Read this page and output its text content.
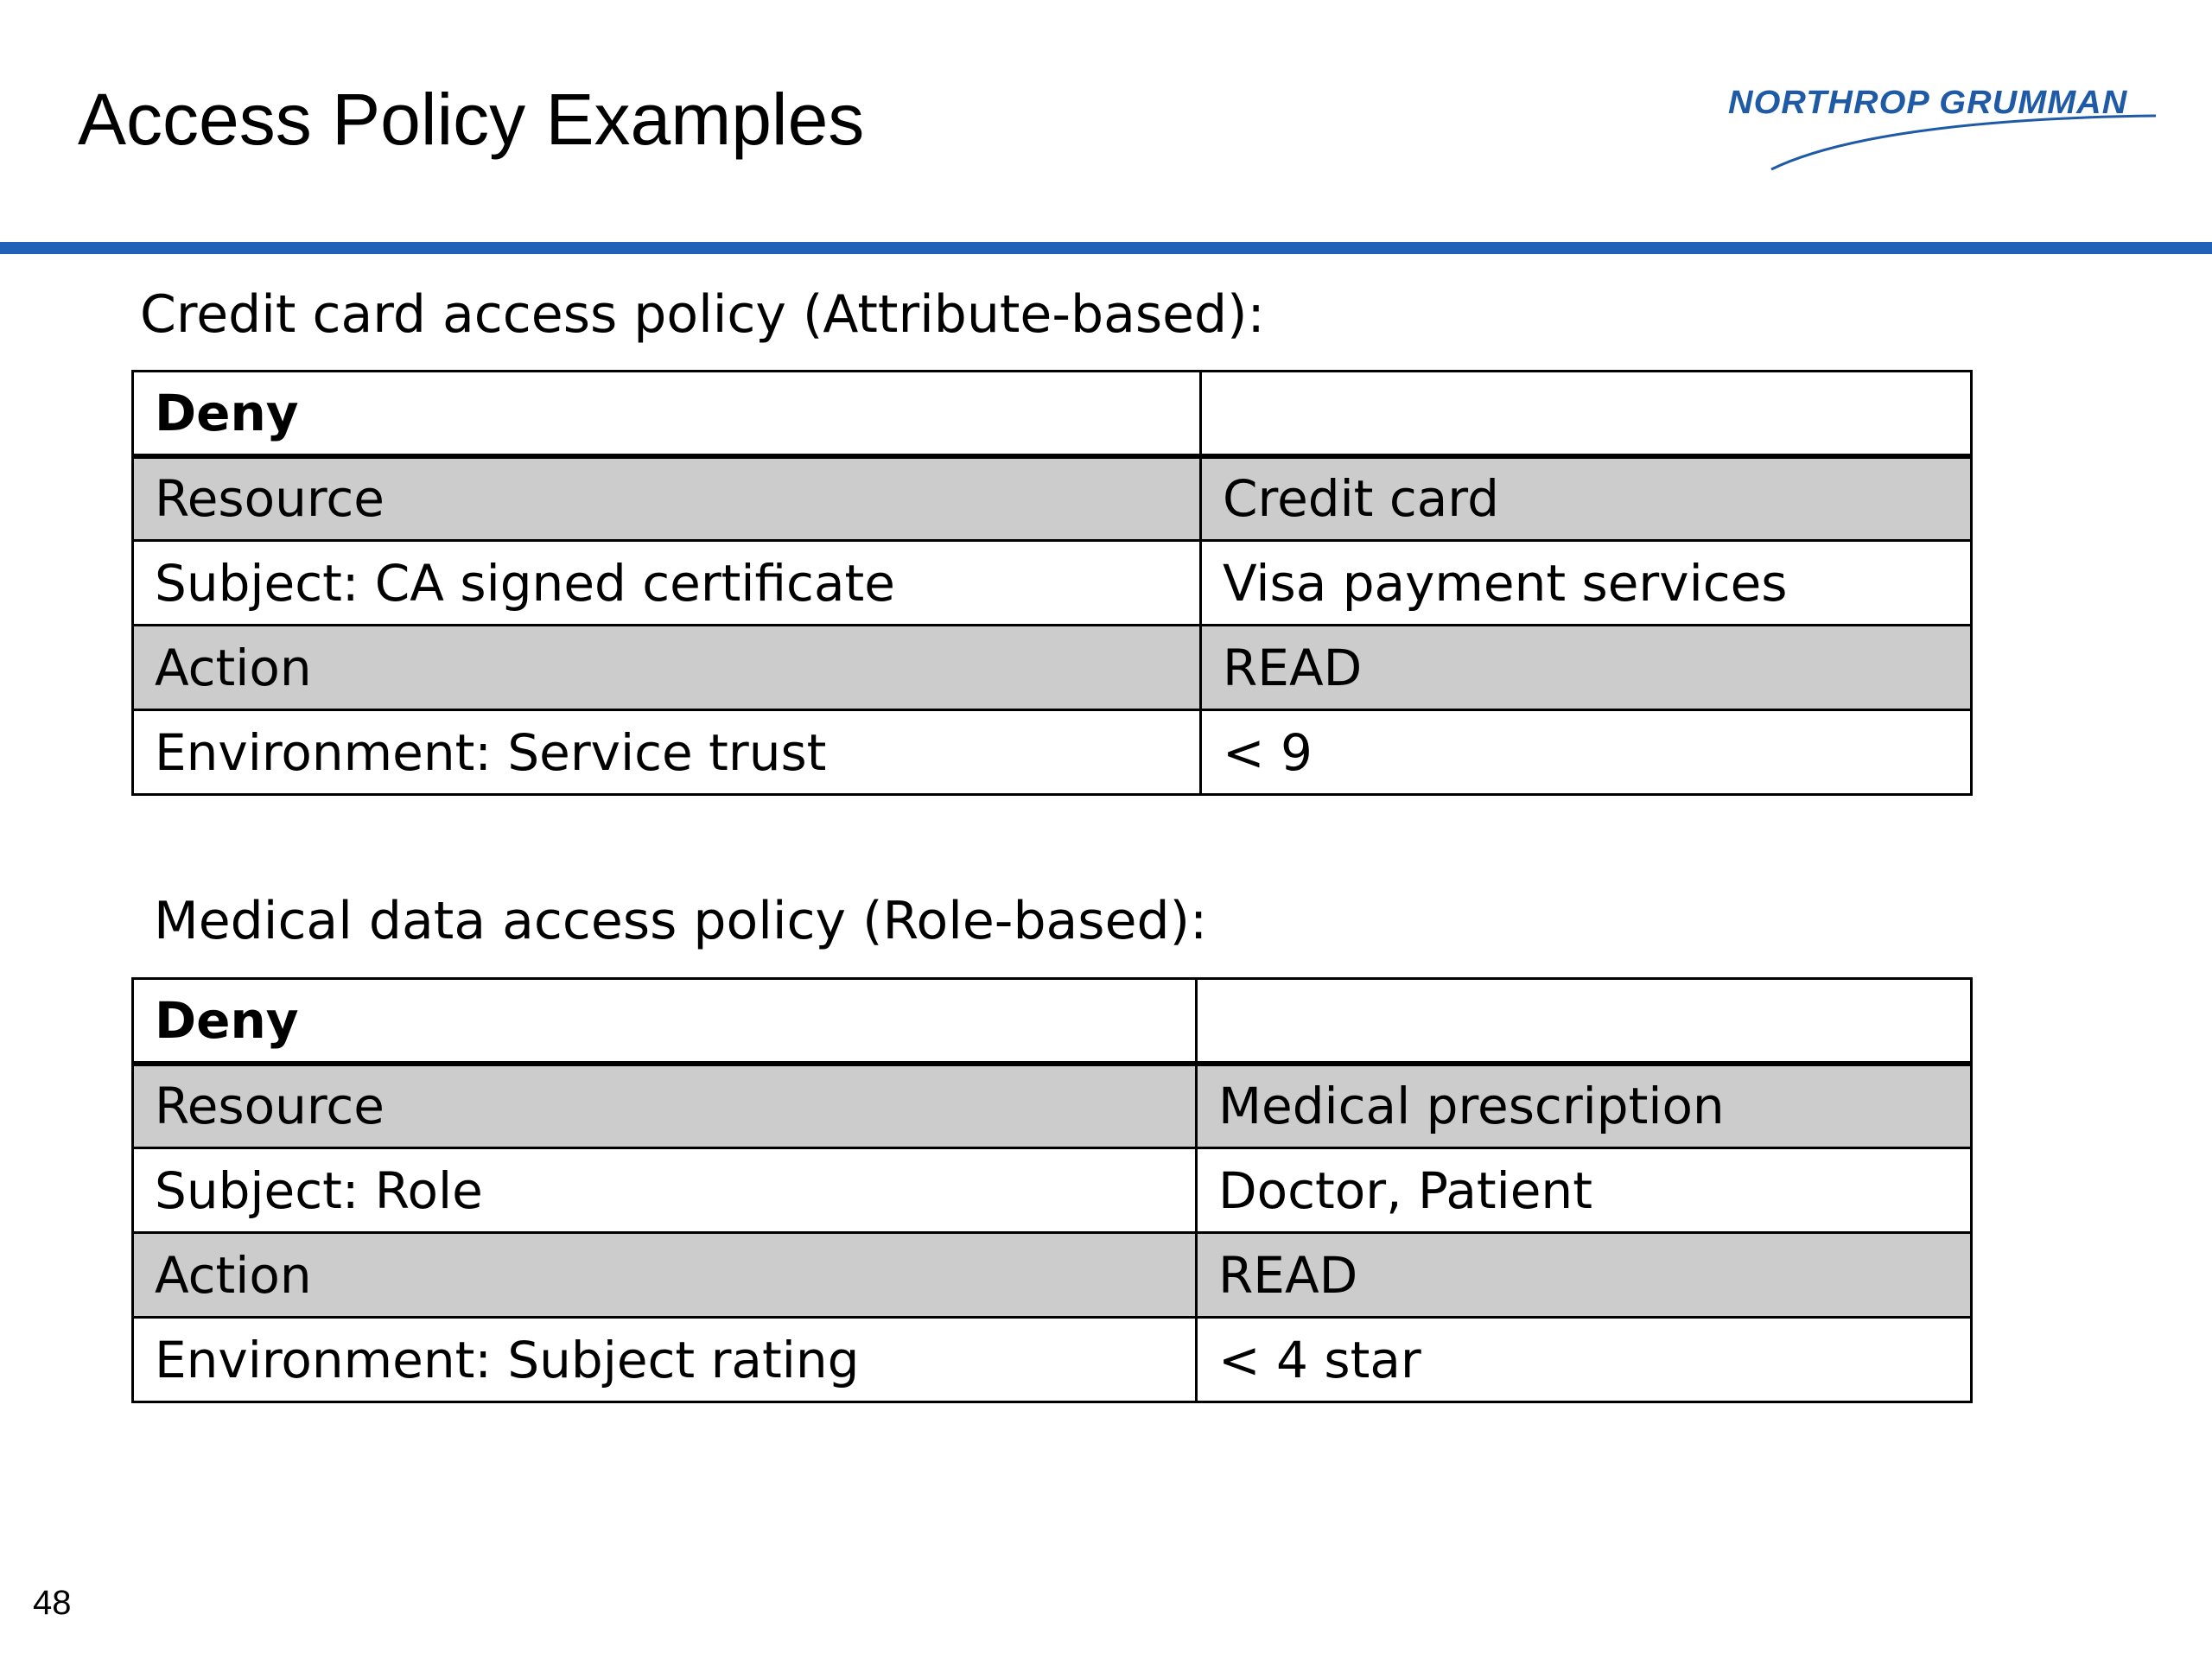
Access Policy Examples	NORTHROP GRUMMAN
Credit card access policy (Attribute-based):
Deny	
Resource	Credit card
Subject: CA signed certificate	Visa payment services
Action	READ
Environment: Service trust	< 9
Medical data access policy (Role-based):
Deny	
Resource	Medical prescription
Subject: Role	Doctor, Patient
Action	READ
Environment: Subject rating	< 4 star
48
